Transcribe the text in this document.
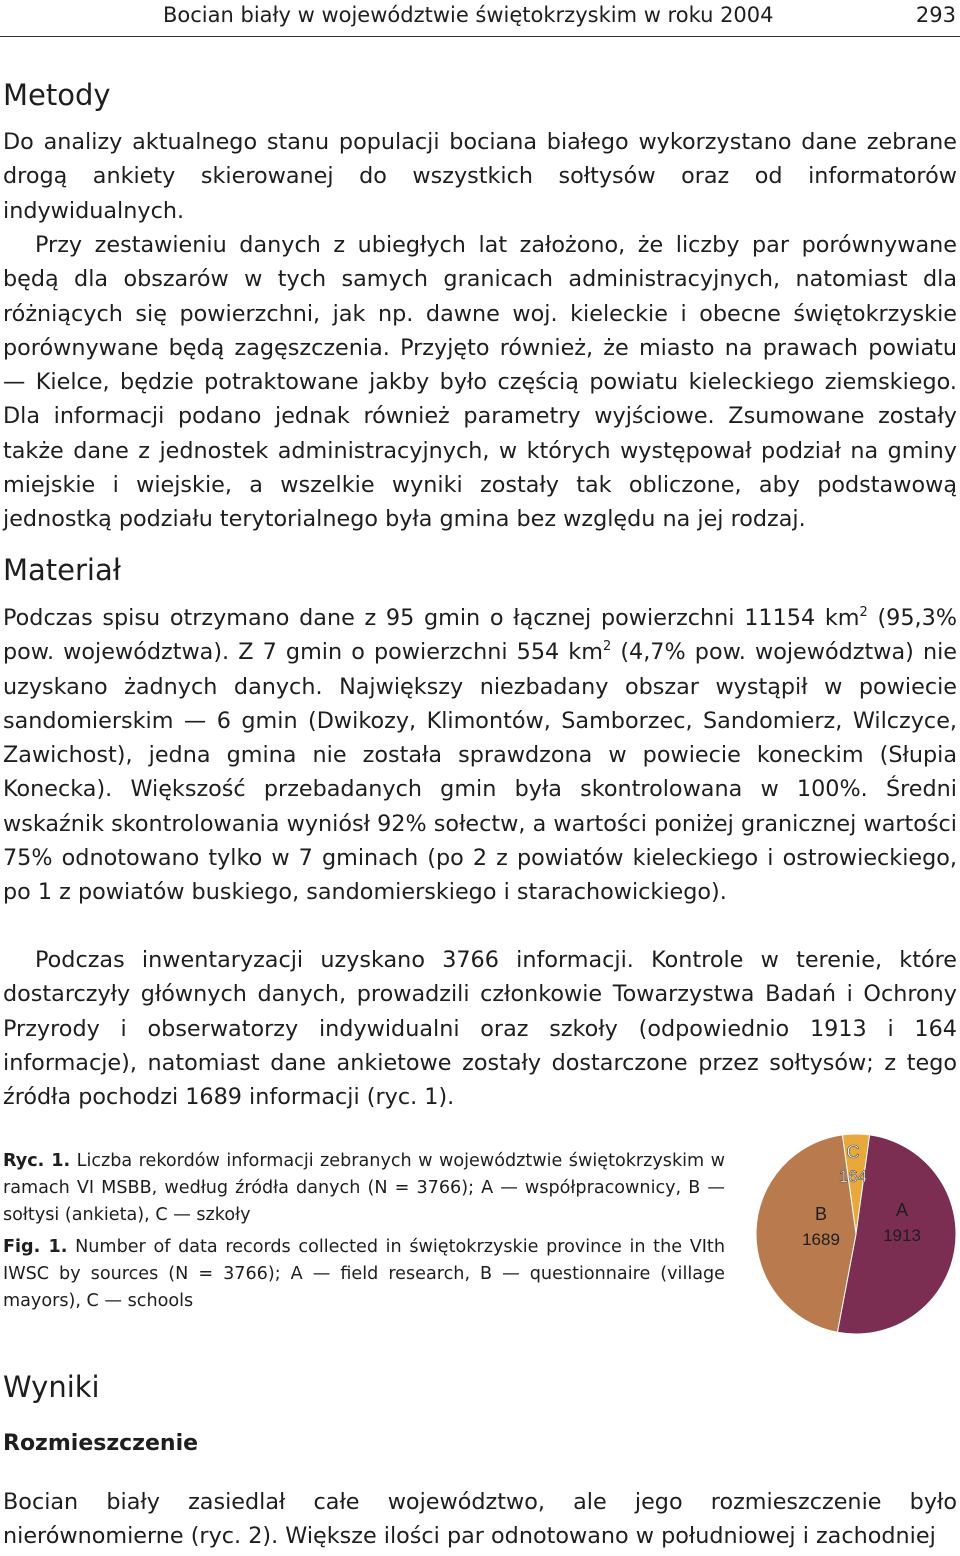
Bocian biały w województwie świętokrzyskim w roku 2004	293
Metody

Do analizy aktualnego stanu populacji bociana białego wykorzystano dane zebrane drogą ankiety skierowanej do wszystkich sołtysów oraz od informatorów indywidualnych.

Przy zestawieniu danych z ubiegłych lat założono, że liczby par porównywane będą dla obszarów w tych samych granicach administracyjnych, natomiast dla różniących się powierzchni, jak np. dawne woj. kieleckie i obecne świętokrzyskie porównywane będą zagęszczenia. Przyjęto również, że miasto na prawach powiatu — Kielce, będzie potraktowane jakby było częścią powiatu kieleckiego ziemskiego. Dla informacji podano jednak również parametry wyjściowe. Zsumowane zostały także dane z jednostek administracyjnych, w których występował podział na gminy miejskie i wiejskie, a wszelkie wyniki zostały tak obliczone, aby podstawową jednostką podziału terytorialnego była gmina bez względu na jej rodzaj.

Materiał

Podczas spisu otrzymano dane z 95 gmin o łącznej powierzchni 11154 $km^2$ (95,3% pow. województwa). Z 7 gmin o powierzchni 554 $km^2$ (4,7% pow. województwa) nie uzyskano żadnych danych. Największy niezbadany obszar wystąpił w powiecie sandomierskim — 6 gmin (Dwikozy, Klimontów, Samborzec, Sandomierz, Wilczyce, Zawichost), jedna gmina nie została sprawdzona w powiecie koneckim (Słupia Konecka). Większość przebadanych gmin była skontrolowana w 100%. Średni wskaźnik skontrolowania wyniósł 92% sołectw, a wartości poniżej granicznej wartości 75% odnotowano tylko w 7 gminach (po 2 z powiatów kieleckiego i ostrowieckiego, po 1 z powiatów buskiego, sandomierskiego i starachowickiego).

Podczas inwentaryzacji uzyskano 3766 informacji. Kontrole w terenie, które dostarczyły głównych danych, prowadzili członkowie Towarzystwa Badań i Ochrony Przyrody i obserwatorzy indywidualni oraz szkoły (odpowiednio 1913 i 164 informacje), natomiast dane ankietowe zostały dostarczone przez sołtysów; z tego źródła pochodzi 1689 informacji (ryc. 1).

Ryc. 1. Liczba rekordów informacji zebranych w województwie świętokrzyskim w ramach VI MSBB, według źródła danych (N = 3766); A — współpracownicy, B — sołtysi (ankieta), C — szkoły

Fig. 1. Number of data records collected in świętokrzyskie province in the VIth IWSC by sources (N = 3766); A — field research, B — questionnaire (village mayors), C — schools

C
164
A
1913
B
1689
Wyniki
Rozmieszczenie

Bocian biały zasiedlał całe województwo, ale jego rozmieszczenie było nierównomierne (ryc. 2). Większe ilości par odnotowano w południowej i zachodniej
